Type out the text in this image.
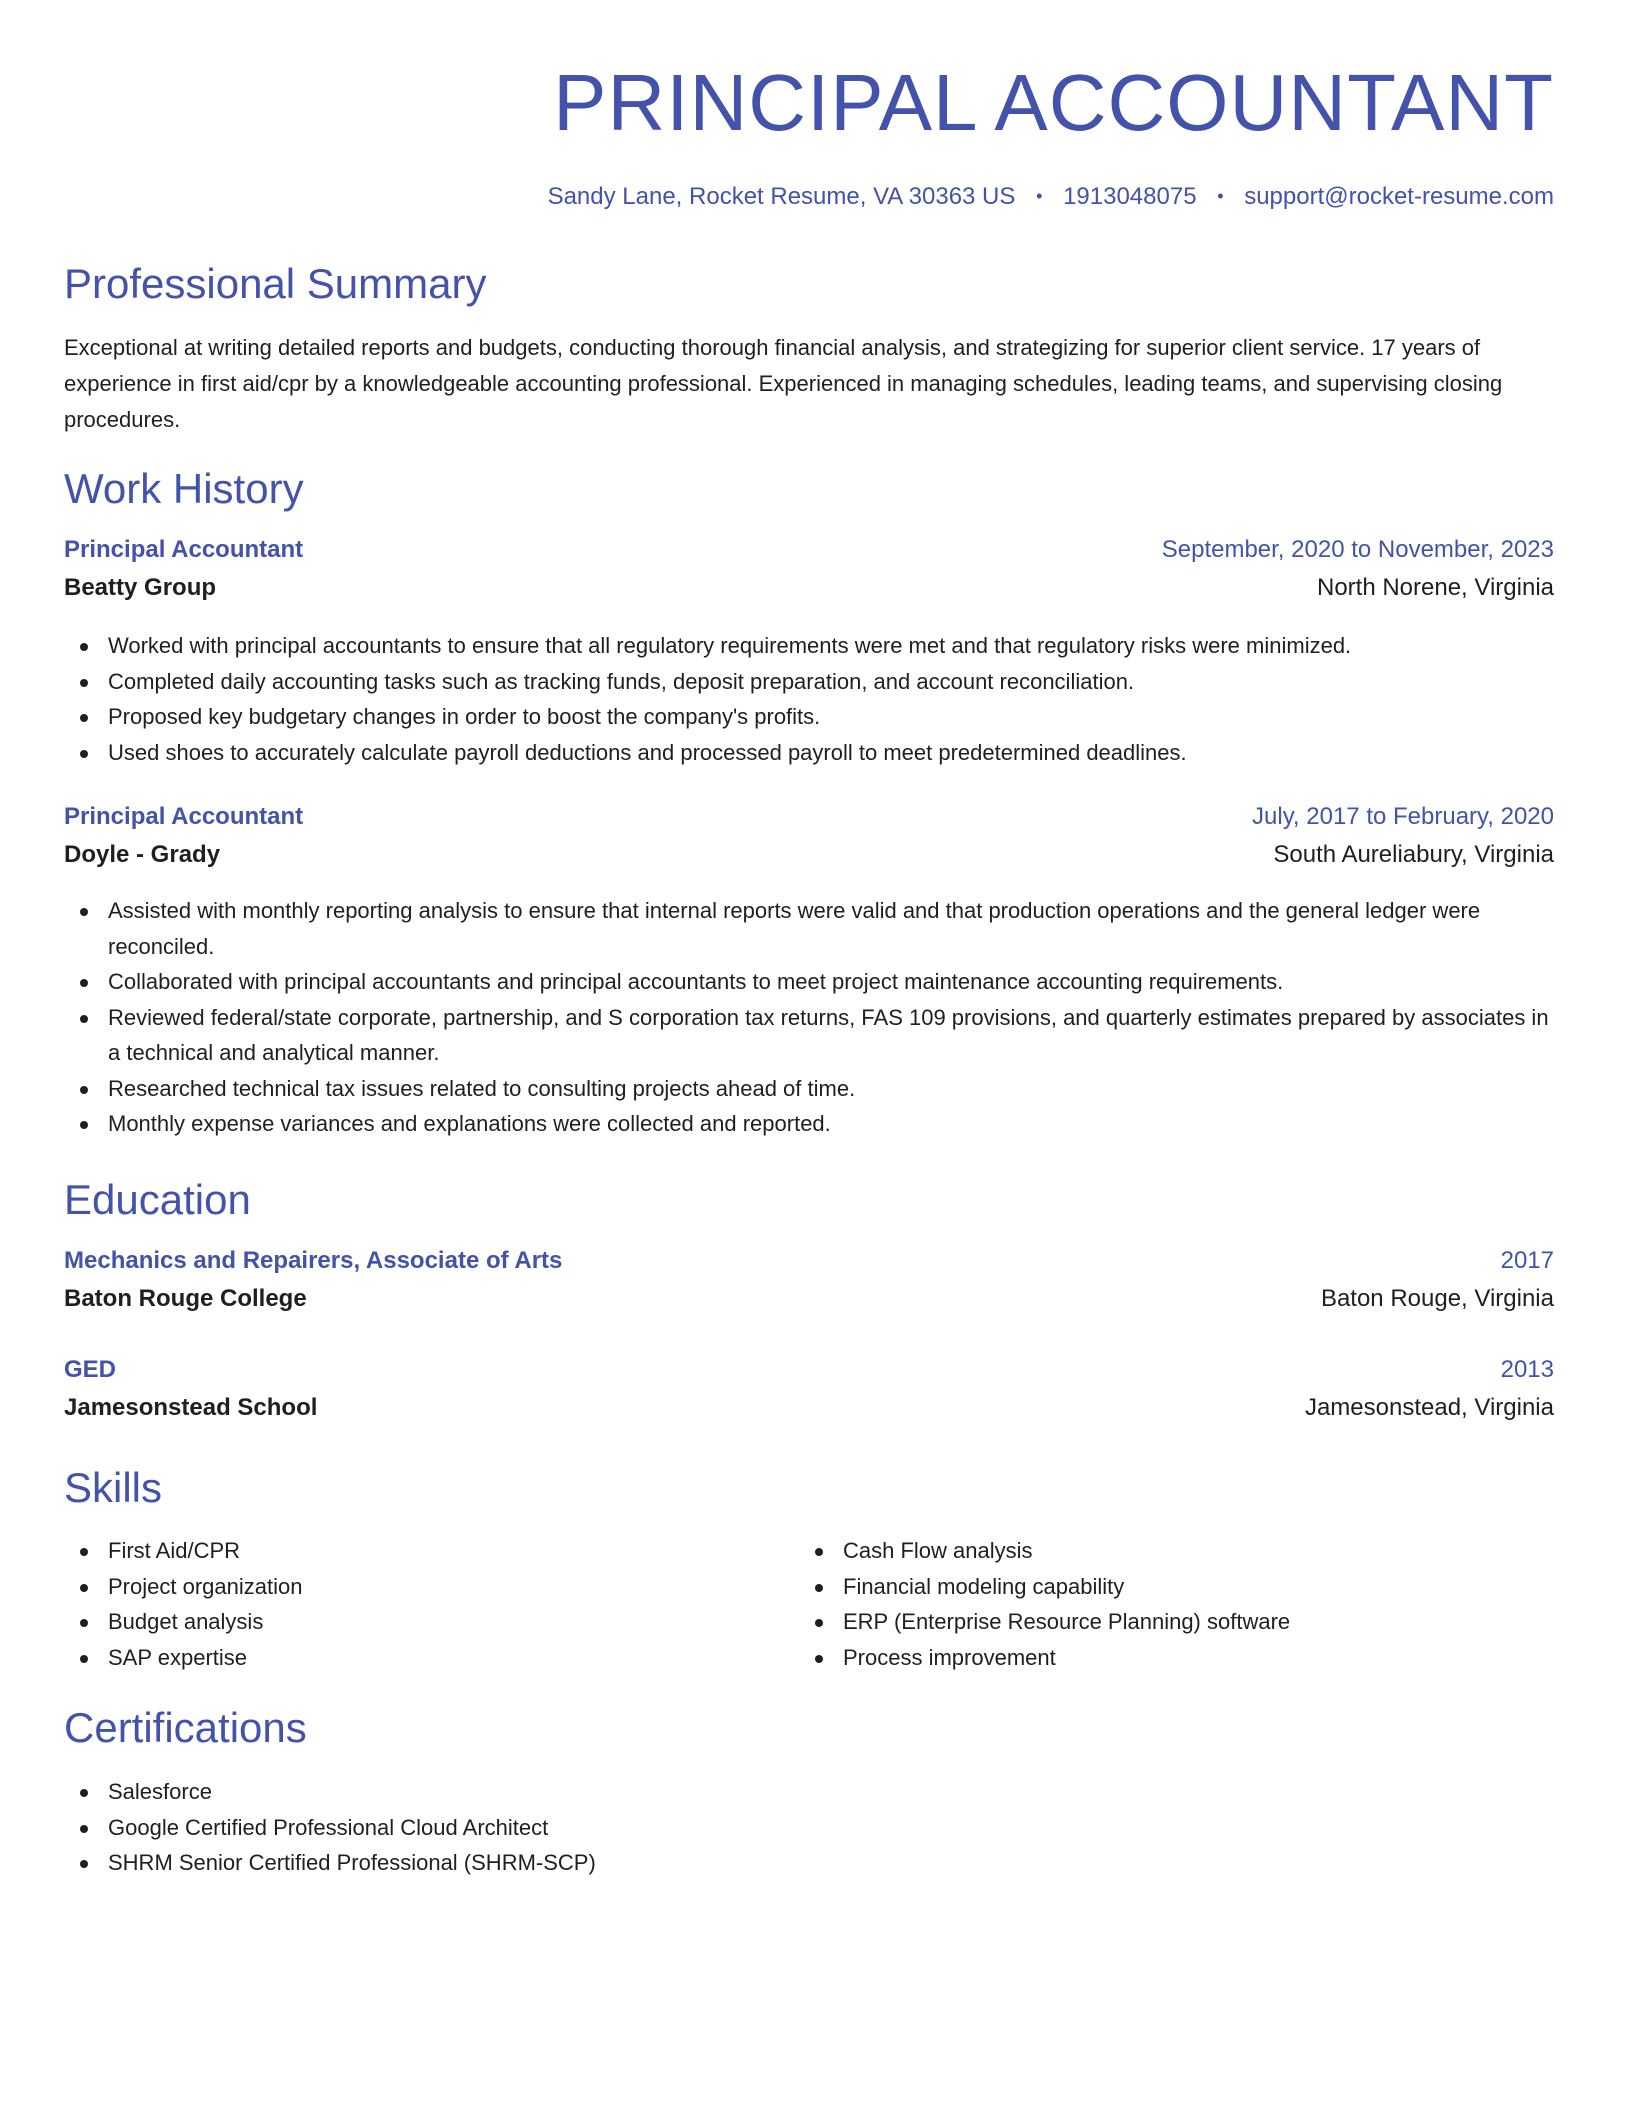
PRINCIPAL ACCOUNTANT
Sandy Lane, Rocket Resume, VA 30363 US • 1913048075 • support@rocket-resume.com
Professional Summary
Exceptional at writing detailed reports and budgets, conducting thorough financial analysis, and strategizing for superior client service. 17 years of experience in first aid/cpr by a knowledgeable accounting professional. Experienced in managing schedules, leading teams, and supervising closing procedures.
Work History
Principal Accountant	September, 2020 to November, 2023
Beatty Group	North Norene, Virginia
Worked with principal accountants to ensure that all regulatory requirements were met and that regulatory risks were minimized.
Completed daily accounting tasks such as tracking funds, deposit preparation, and account reconciliation.
Proposed key budgetary changes in order to boost the company's profits.
Used shoes to accurately calculate payroll deductions and processed payroll to meet predetermined deadlines.
Principal Accountant	July, 2017 to February, 2020
Doyle - Grady	South Aureliabury, Virginia
Assisted with monthly reporting analysis to ensure that internal reports were valid and that production operations and the general ledger were reconciled.
Collaborated with principal accountants and principal accountants to meet project maintenance accounting requirements.
Reviewed federal/state corporate, partnership, and S corporation tax returns, FAS 109 provisions, and quarterly estimates prepared by associates in a technical and analytical manner.
Researched technical tax issues related to consulting projects ahead of time.
Monthly expense variances and explanations were collected and reported.
Education
Mechanics and Repairers, Associate of Arts	2017
Baton Rouge College	Baton Rouge, Virginia
GED	2013
Jamesonstead School	Jamesonstead, Virginia
Skills
First Aid/CPR
Project organization
Budget analysis
SAP expertise
Cash Flow analysis
Financial modeling capability
ERP (Enterprise Resource Planning) software
Process improvement
Certifications
Salesforce
Google Certified Professional Cloud Architect
SHRM Senior Certified Professional (SHRM-SCP)
